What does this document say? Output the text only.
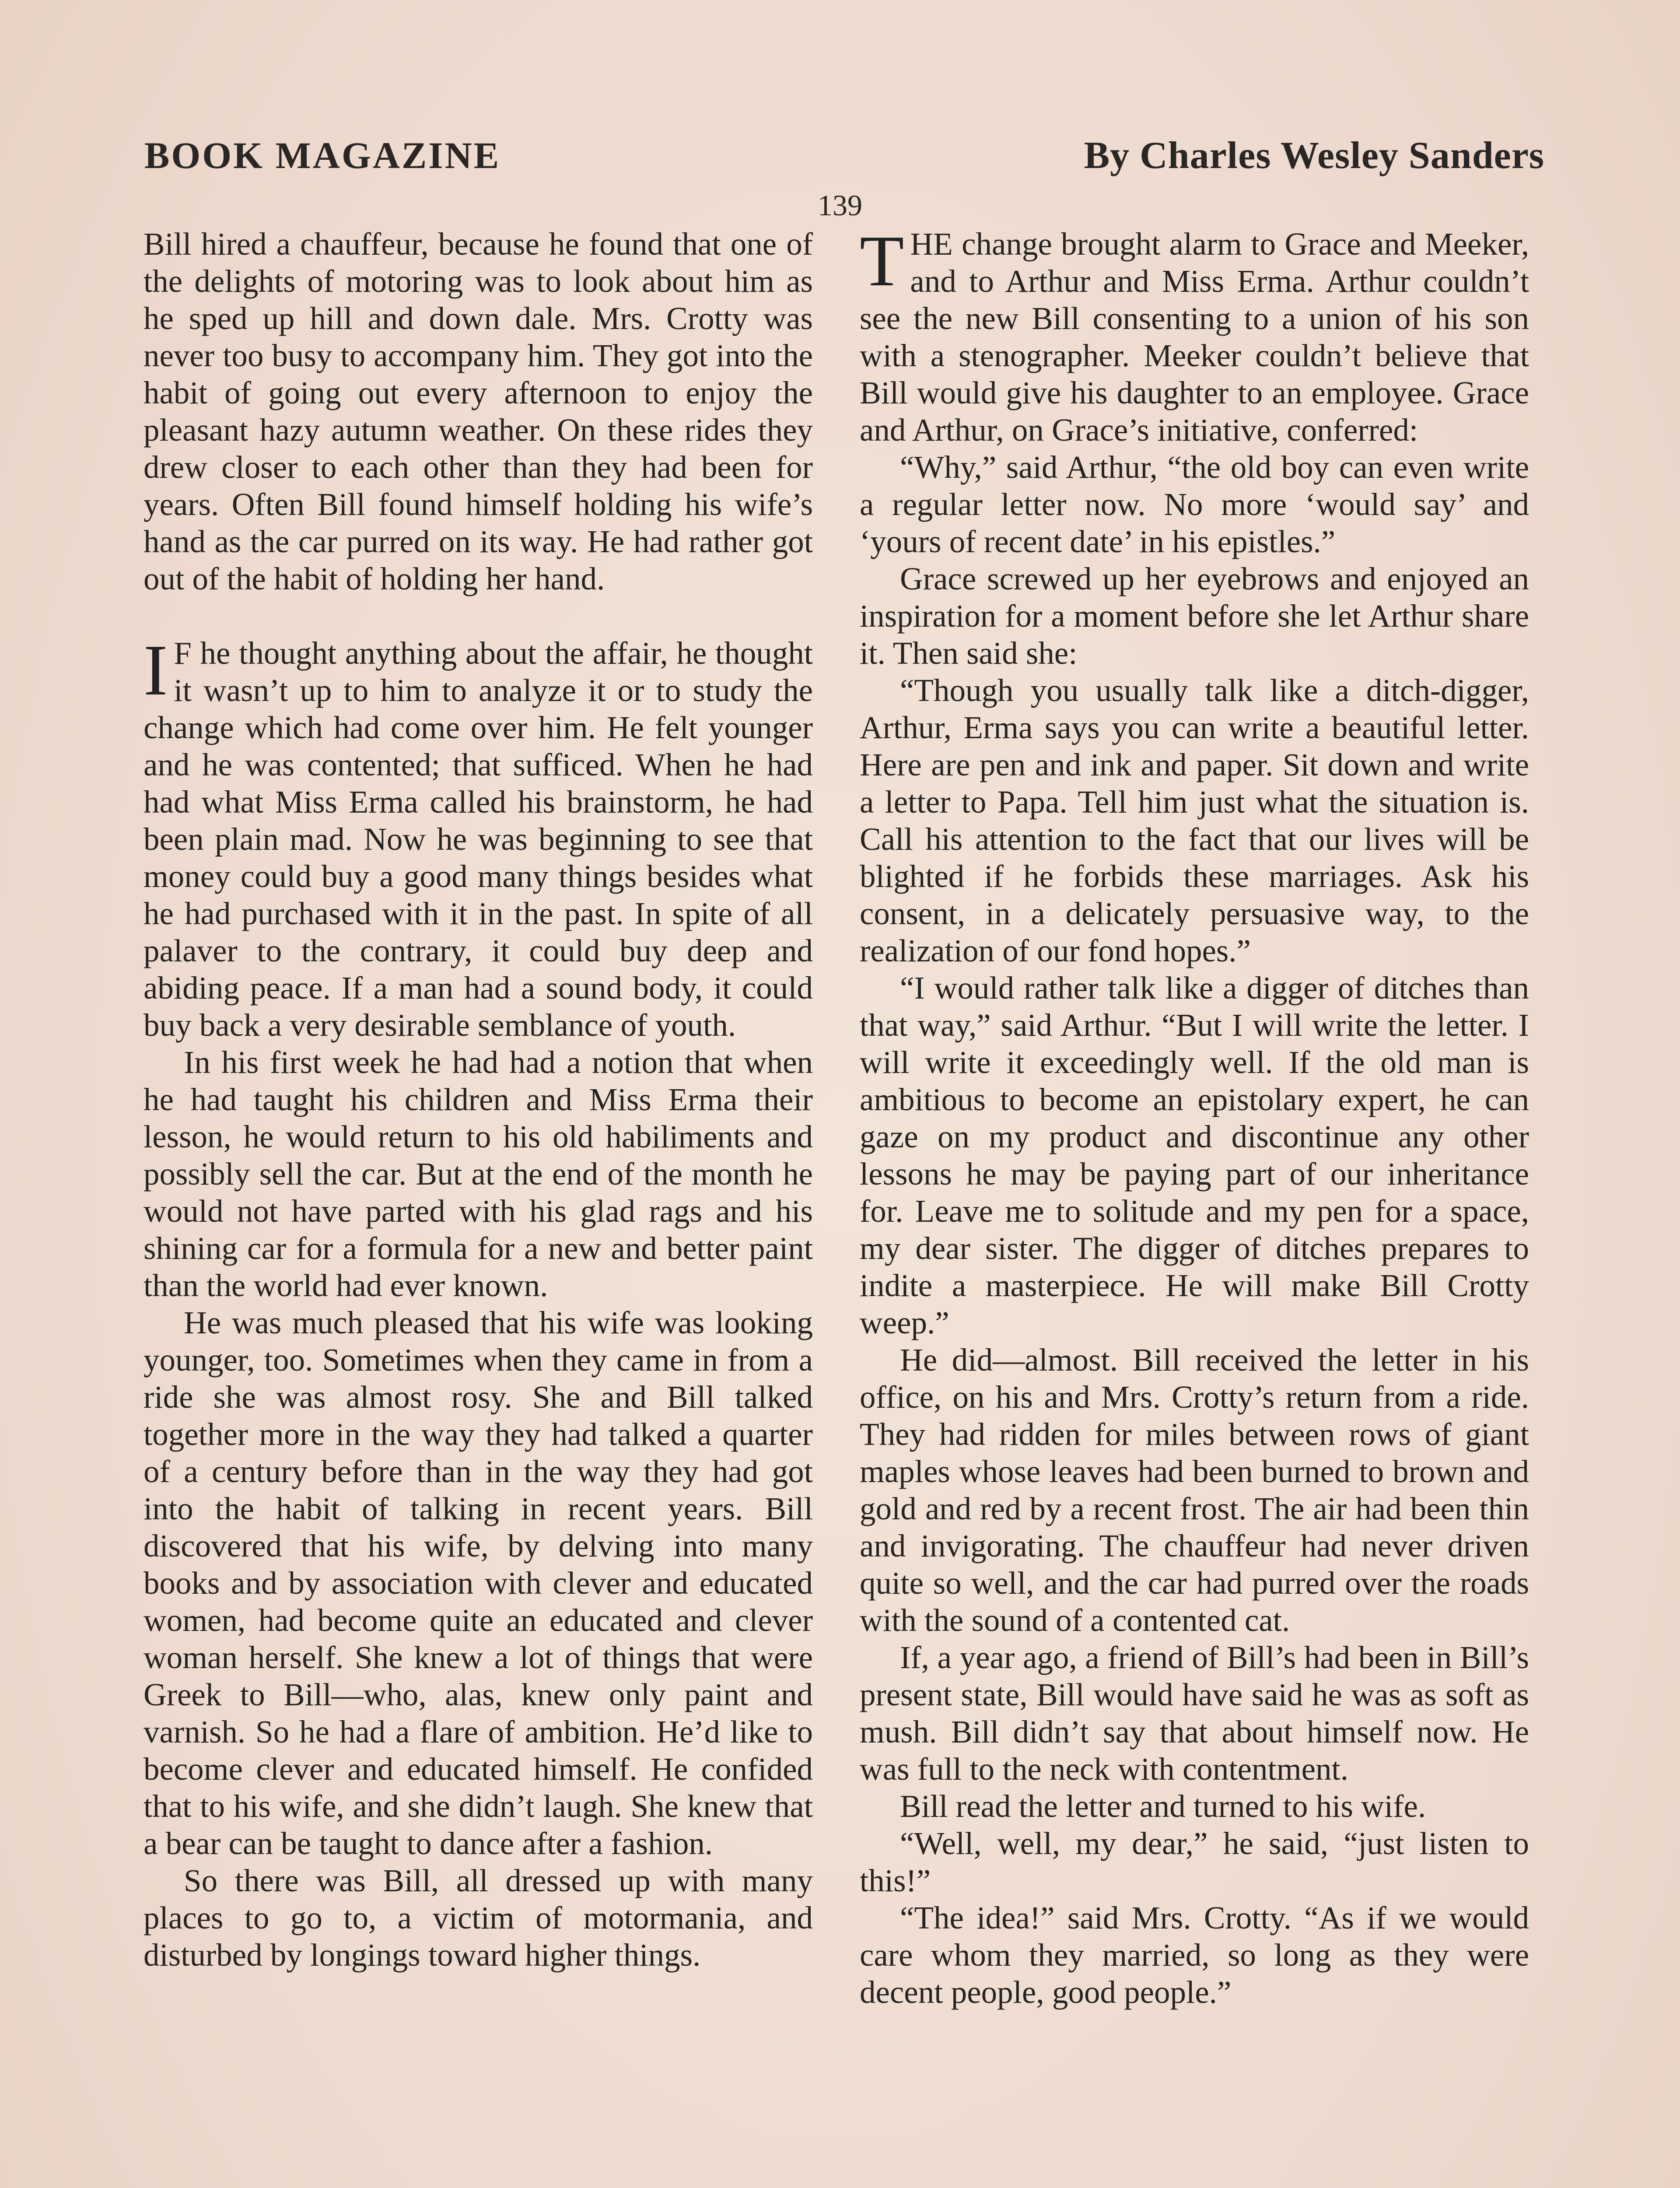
BOOK MAGAZINE	By Charles Wesley Sanders
139

Bill hired a chauffeur, because he found that one of the delights of motoring was to look about him as he sped up hill and down dale. Mrs. Crotty was never too busy to accompany him. They got into the habit of going out every afternoon to enjoy the pleasant hazy autumn weather. On these rides they drew closer to each other than they had been for years. Often Bill found himself holding his wife’s hand as the car purred on its way. He had rather got out of the habit of holding her hand.

I F he thought anything about the affair, he thought it wasn’t up to him to analyze it or to study the change which had come over him. He felt younger and he was contented; that sufficed. When he had had what Miss Erma called his brainstorm, he had been plain mad. Now he was beginning to see that money could buy a good many things besides what he had purchased with it in the past. In spite of all palaver to the contrary, it could buy deep and abiding peace. If a man had a sound body, it could buy back a very desirable semblance of youth.

In his first week he had had a notion that when he had taught his children and Miss Erma their lesson, he would return to his old habiliments and possibly sell the car. But at the end of the month he would not have parted with his glad rags and his shining car for a formula for a new and better paint than the world had ever known.

He was much pleased that his wife was looking younger, too. Sometimes when they came in from a ride she was almost rosy. She and Bill talked together more in the way they had talked a quarter of a century before than in the way they had got into the habit of talking in recent years. Bill discovered that his wife, by delving into many books and by association with clever and educated women, had become quite an educated and clever woman herself. She knew a lot of things that were Greek to Bill—who, alas, knew only paint and varnish. So he had a flare of ambition. He’d like to become clever and educated himself. He confided that to his wife, and she didn’t laugh. She knew that a bear can be taught to dance after a fashion.

So there was Bill, all dressed up with many places to go to, a victim of motormania, and disturbed by longings toward higher things.

THE change brought alarm to Grace and Meeker, and to Arthur and Miss Erma. Arthur couldn’t see the new Bill consenting to a union of his son with a stenographer. Meeker couldn’t believe that Bill would give his daughter to an employee. Grace and Arthur, on Grace’s initiative, conferred:

“Why,” said Arthur, “the old boy can even write a regular letter now. No more ‘would say’ and ‘yours of recent date’ in his epistles.”

Grace screwed up her eyebrows and enjoyed an inspiration for a moment before she let Arthur share it. Then said she:

“Though you usually talk like a ditch-digger, Arthur, Erma says you can write a beautiful letter. Here are pen and ink and paper. Sit down and write a letter to Papa. Tell him just what the situation is. Call his attention to the fact that our lives will be blighted if he forbids these marriages. Ask his consent, in a delicately persuasive way, to the realization of our fond hopes.”

“I would rather talk like a digger of ditches than that way,” said Arthur. “But I will write the letter. I will write it exceedingly well. If the old man is ambitious to become an epistolary expert, he can gaze on my product and discontinue any other lessons he may be paying part of our inheritance for. Leave me to solitude and my pen for a space, my dear sister. The digger of ditches prepares to indite a masterpiece. He will make Bill Crotty weep.”

He did—almost. Bill received the letter in his office, on his and Mrs. Crotty’s return from a ride. They had ridden for miles between rows of giant maples whose leaves had been burned to brown and gold and red by a recent frost. The air had been thin and invigorating. The chauffeur had never driven quite so well, and the car had purred over the roads with the sound of a contented cat.

If, a year ago, a friend of Bill’s had been in Bill’s present state, Bill would have said he was as soft as mush. Bill didn’t say that about himself now. He was full to the neck with contentment.

Bill read the letter and turned to his wife.

“Well, well, my dear,” he said, “just listen to this!”

“The idea!” said Mrs. Crotty. “As if we would care whom they married, so long as they were decent people, good people.”
